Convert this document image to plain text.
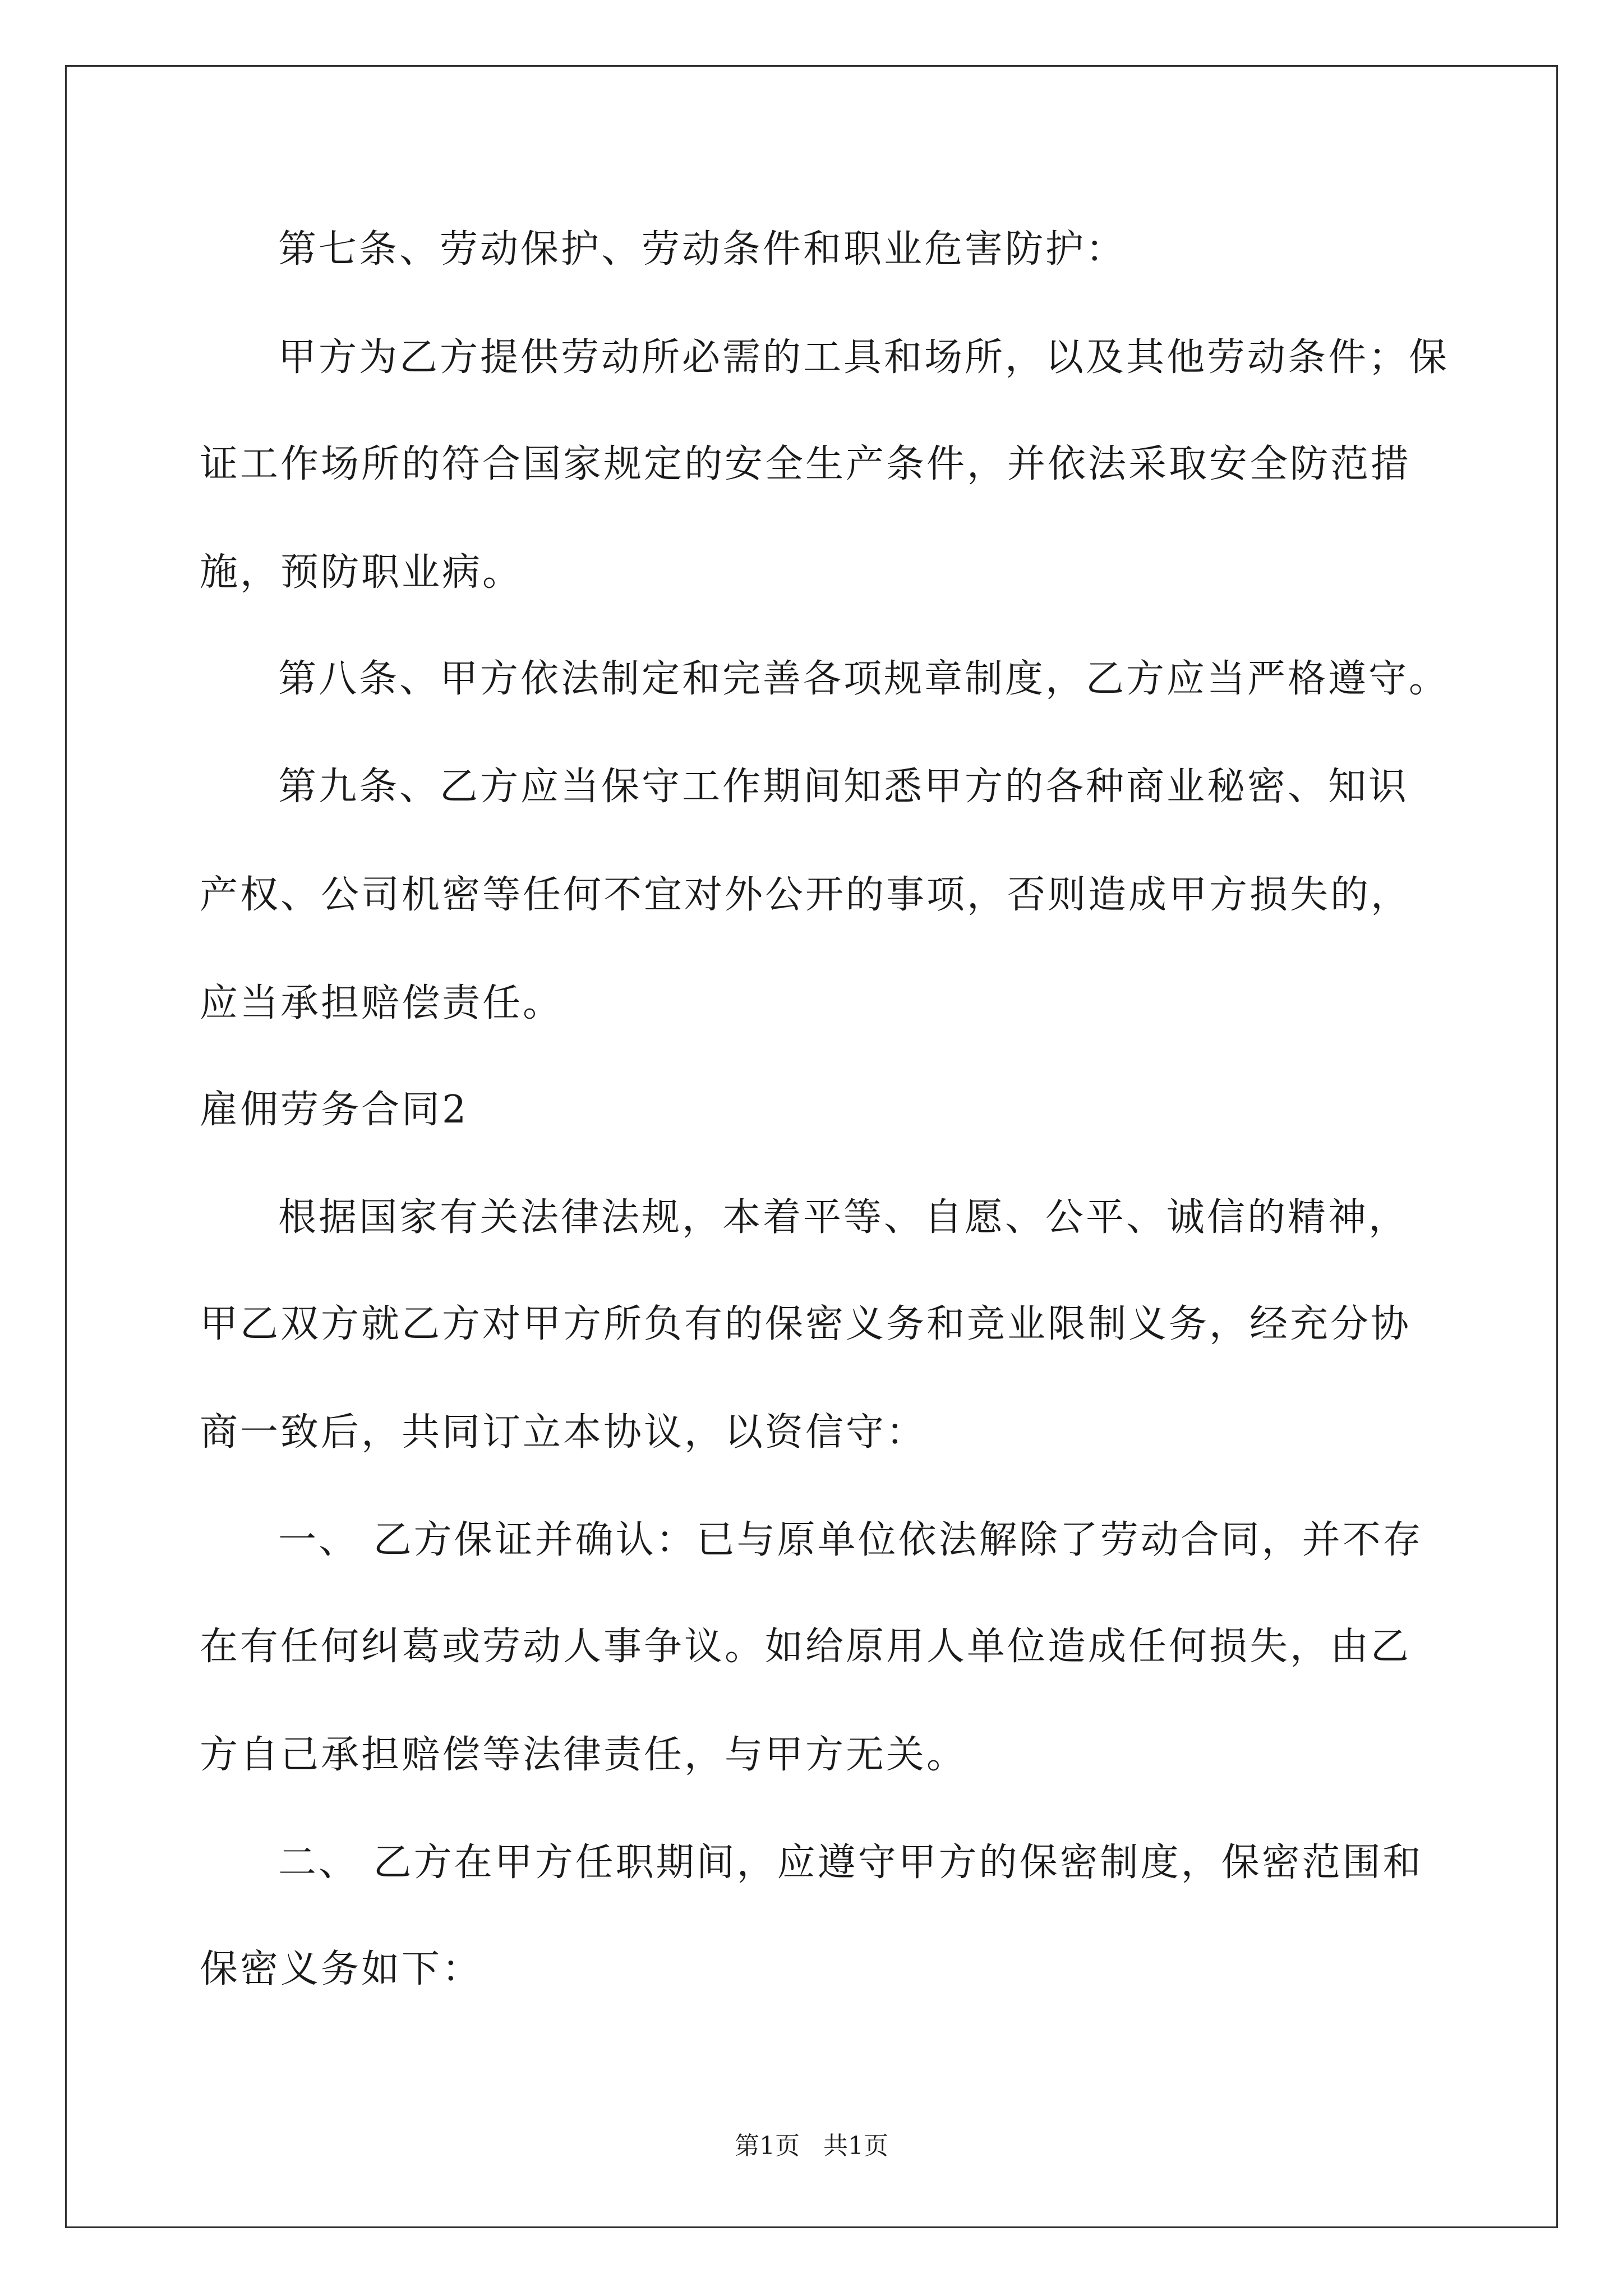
第七条、劳动保护、劳动条件和职业危害防护：
甲方为乙方提供劳动所必需的工具和场所，以及其他劳动条件；保
证工作场所的符合国家规定的安全生产条件，并依法采取安全防范措
施，预防职业病。
第八条、甲方依法制定和完善各项规章制度，乙方应当严格遵守。
第九条、乙方应当保守工作期间知悉甲方的各种商业秘密、知识
产权、公司机密等任何不宜对外公开的事项，否则造成甲方损失的，
应当承担赔偿责任。
雇佣劳务合同2
根据国家有关法律法规，本着平等、自愿、公平、诚信的精神，
甲乙双方就乙方对甲方所负有的保密义务和竞业限制义务，经充分协
商一致后，共同订立本协议，以资信守：
一、 乙方保证并确认：已与原单位依法解除了劳动合同，并不存
在有任何纠葛或劳动人事争议。如给原用人单位造成任何损失，由乙
方自己承担赔偿等法律责任，与甲方无关。
二、 乙方在甲方任职期间，应遵守甲方的保密制度，保密范围和
保密义务如下：
第1页 共1页
